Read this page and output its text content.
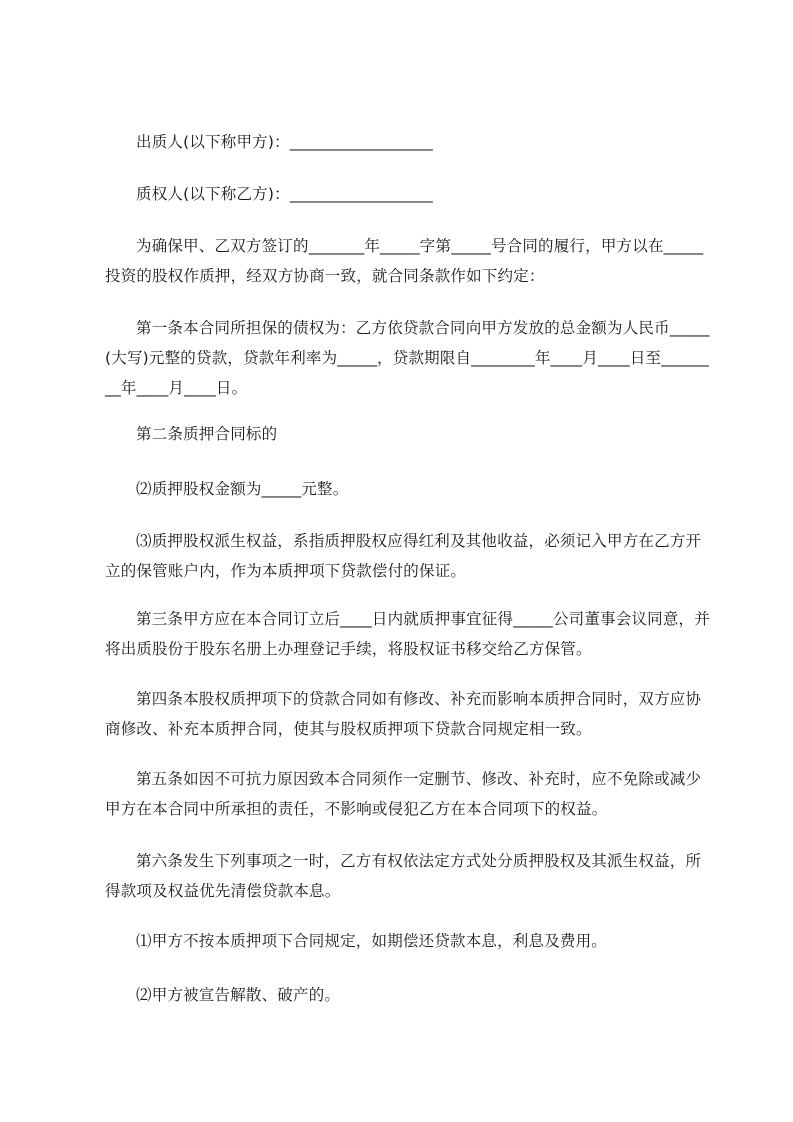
出质人(以下称甲方)：__________________

质权人(以下称乙方)：__________________

为确保甲、乙双方签订的_______年_____字第_____号合同的履行，甲方以在_____投资的股权作质押，经双方协商一致，就合同条款作如下约定：

第一条本合同所担保的债权为：乙方依贷款合同向甲方发放的总金额为人民币_____(大写)元整的贷款，贷款年利率为_____，贷款期限自________年____月____日至________年____月____日。

第二条质押合同标的

⑵质押股权金额为_____元整。

⑶质押股权派生权益，系指质押股权应得红利及其他收益，必须记入甲方在乙方开立的保管账户内，作为本质押项下贷款偿付的保证。

第三条甲方应在本合同订立后____日内就质押事宜征得_____公司董事会议同意，并将出质股份于股东名册上办理登记手续，将股权证书移交给乙方保管。

第四条本股权质押项下的贷款合同如有修改、补充而影响本质押合同时，双方应协商修改、补充本质押合同，使其与股权质押项下贷款合同规定相一致。

第五条如因不可抗力原因致本合同须作一定删节、修改、补充时，应不免除或减少甲方在本合同中所承担的责任，不影响或侵犯乙方在本合同项下的权益。

第六条发生下列事项之一时，乙方有权依法定方式处分质押股权及其派生权益，所得款项及权益优先清偿贷款本息。

⑴甲方不按本质押项下合同规定，如期偿还贷款本息，利息及费用。

⑵甲方被宣告解散、破产的。
